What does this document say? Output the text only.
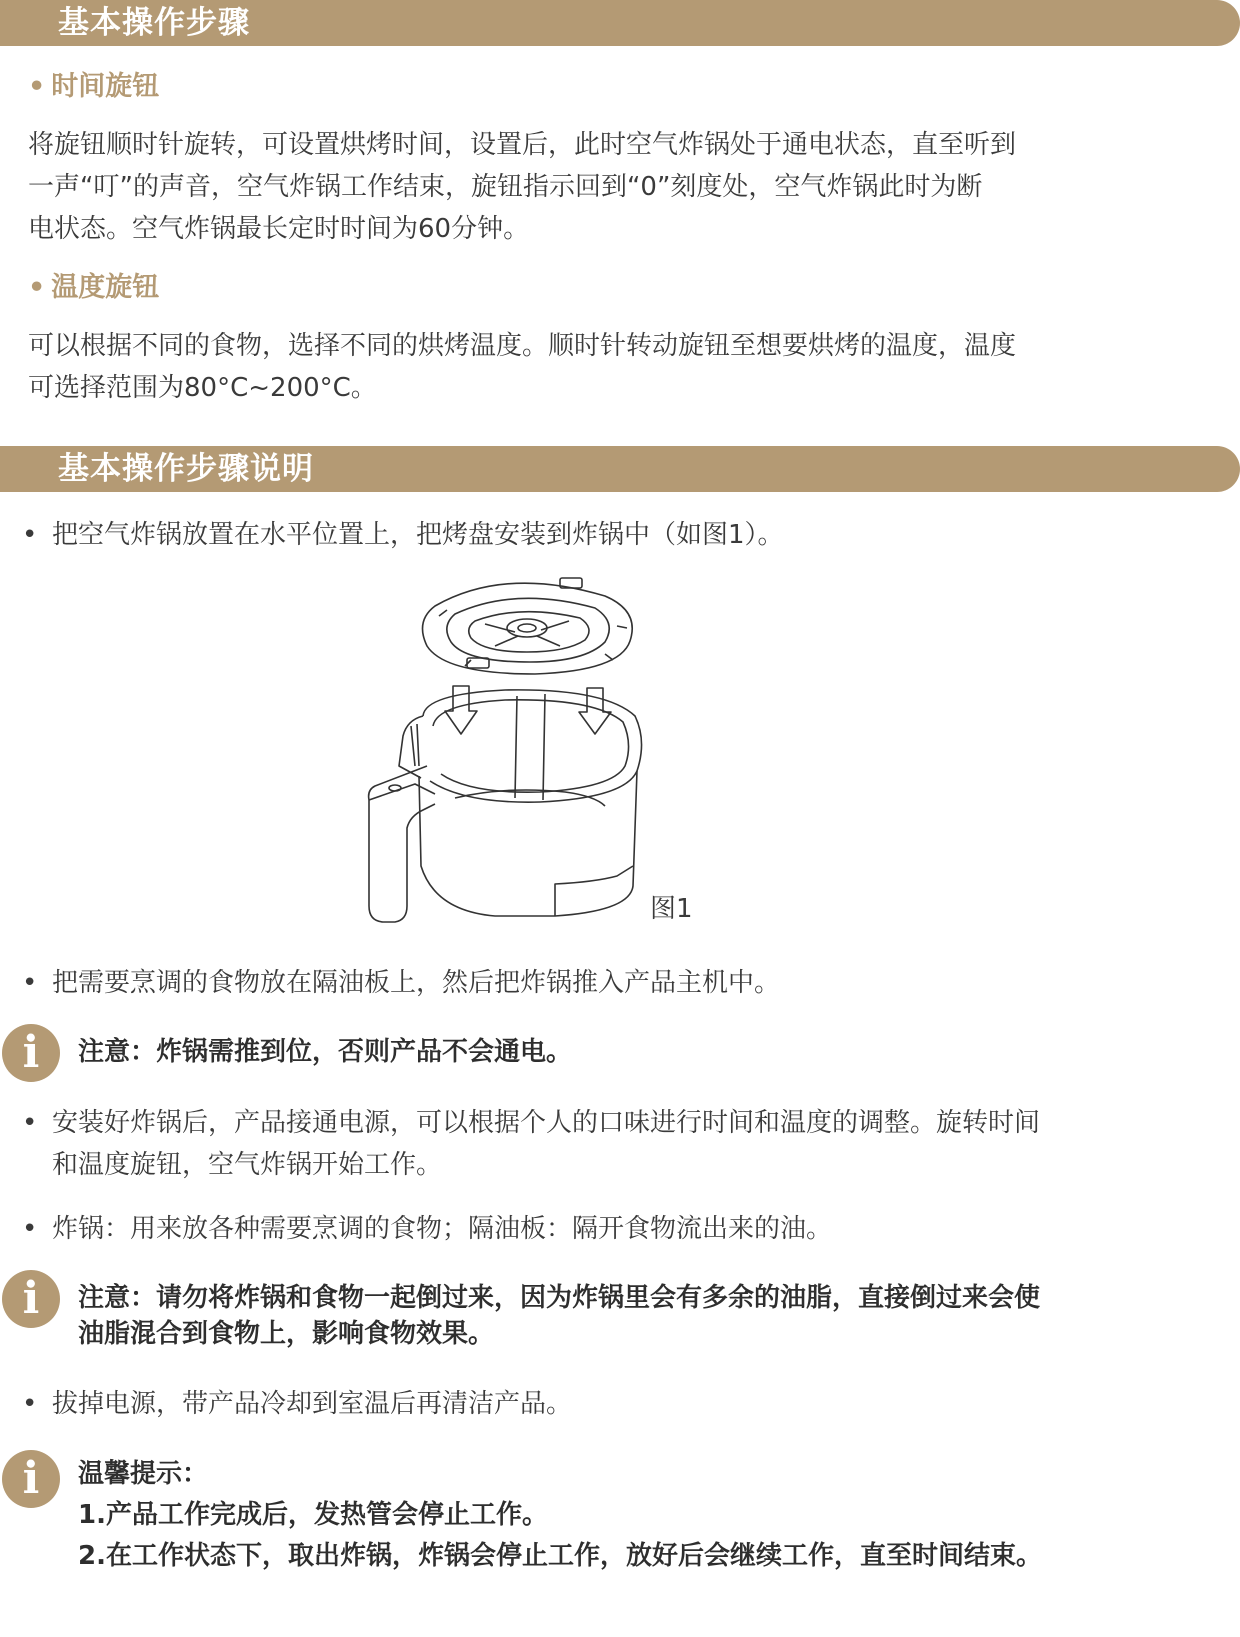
基本操作步骤
• 时间旋钮
将旋钮顺时针旋转，可设置烘烤时间，设置后，此时空气炸锅处于通电状态，直至听到
一声“叮”的声音，空气炸锅工作结束，旋钮指示回到“0”刻度处，空气炸锅此时为断
电状态。空气炸锅最长定时时间为60分钟。
• 温度旋钮
可以根据不同的食物，选择不同的烘烤温度。顺时针转动旋钮至想要烘烤的温度，温度
可选择范围为80°C~200°C。
基本操作步骤说明
• 把空气炸锅放置在水平位置上，把烤盘安装到炸锅中（如图1）。
图1
• 把需要烹调的食物放在隔油板上，然后把炸锅推入产品主机中。
i	注意：炸锅需推到位，否则产品不会通电。
• 安装好炸锅后，产品接通电源，可以根据个人的口味进行时间和温度的调整。旋转时间
和温度旋钮，空气炸锅开始工作。
• 炸锅：用来放各种需要烹调的食物；隔油板：隔开食物流出来的油。
i	注意：请勿将炸锅和食物一起倒过来，因为炸锅里会有多余的油脂，直接倒过来会使
油脂混合到食物上，影响食物效果。
• 拔掉电源，带产品冷却到室温后再清洁产品。
i	温馨提示：
1.产品工作完成后，发热管会停止工作。
2.在工作状态下，取出炸锅，炸锅会停止工作，放好后会继续工作，直至时间结束。
